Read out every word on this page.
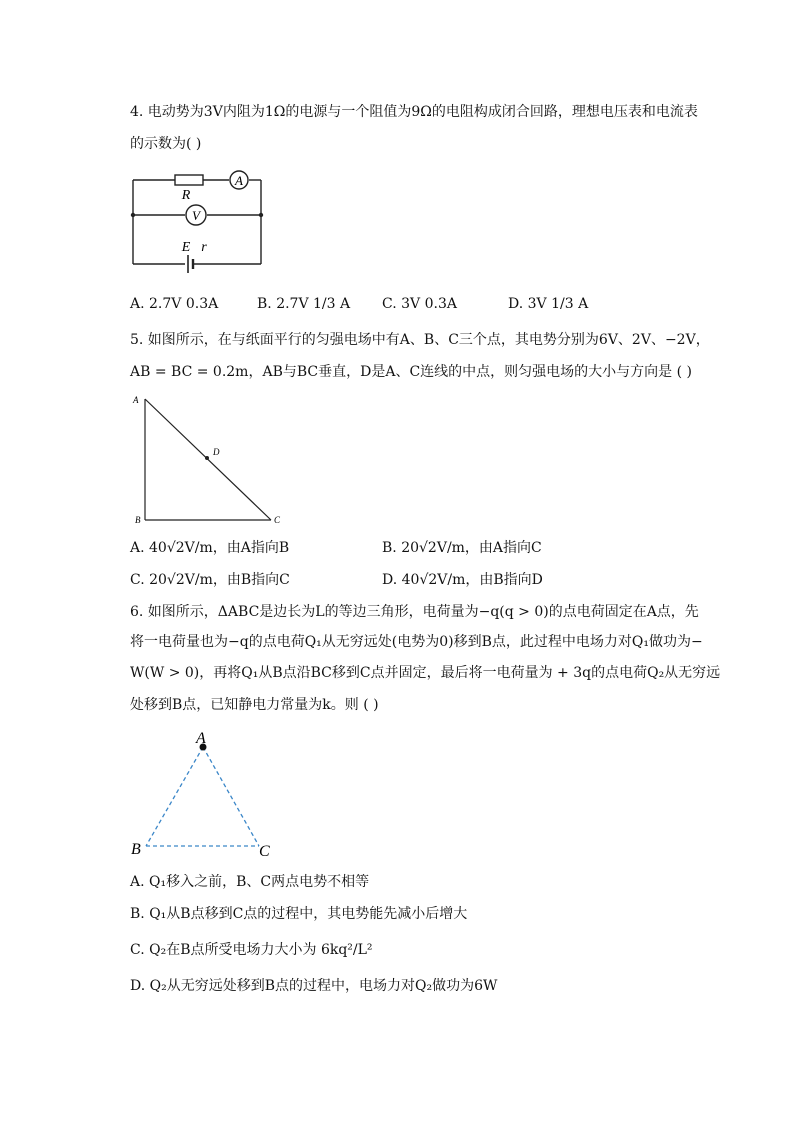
4. 电动势为3V内阻为1Ω的电源与一个阻值为9Ω的电阻构成闭合回路，理想电压表和电流表
的示数为( )
A
V
R
E r
A. 2.7V 0.3A	B. 2.7V 1/3 A C. 3V 0.3A	D. 3V 1/3 A
5. 如图所示，在与纸面平行的匀强电场中有A、B、C三个点，其电势分别为6V、2V、−2V，
AB = BC = 0.2m，AB与BC垂直，D是A、C连线的中点，则匀强电场的大小与方向是 ( )
A
B	C
D
A. 40√2V/m，由A指向B	B. 20√2V/m，由A指向C
C. 20√2V/m，由B指向C	D. 40√2V/m，由B指向D
6. 如图所示，ΔABC是边长为L的等边三角形，电荷量为−q(q > 0)的点电荷固定在A点，先
将一电荷量也为−q的点电荷Q₁从无穷远处(电势为0)移到B点，此过程中电场力对Q₁做功为−
W(W > 0)，再将Q₁从B点沿BC移到C点并固定，最后将一电荷量为 + 3q的点电荷Q₂从无穷远
处移到B点，已知静电力常量为k。则 ( )
A
B	C
A. Q₁移入之前，B、C两点电势不相等
B. Q₁从B点移到C点的过程中，其电势能先减小后增大
C. Q₂在B点所受电场力大小为 6kq²/L²
D. Q₂从无穷远处移到B点的过程中，电场力对Q₂做功为6W
